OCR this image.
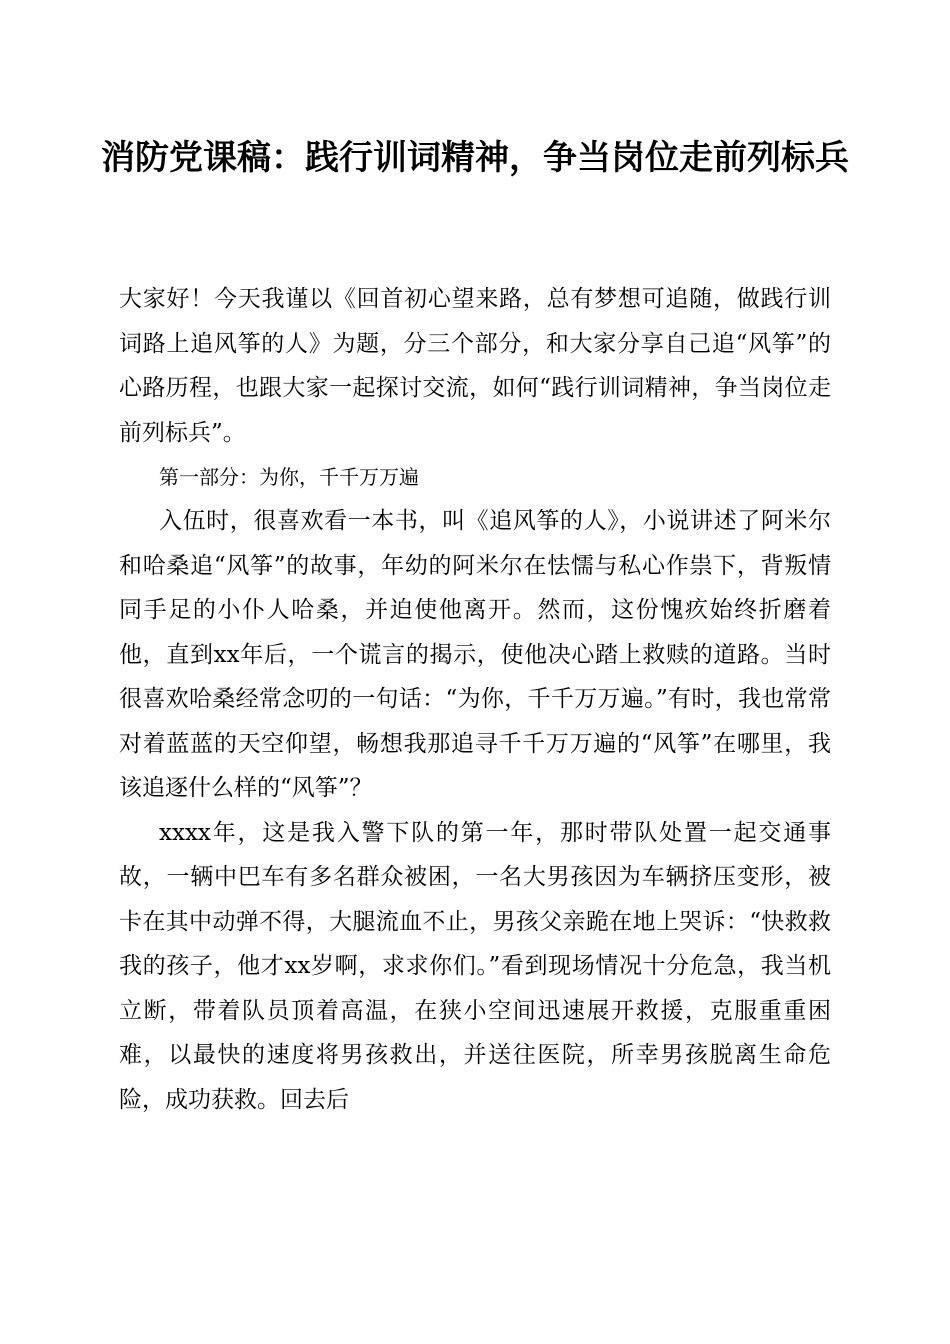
消防党课稿：践行训词精神，争当岗位走前列标兵

大家好！今天我谨以《回首初心望来路，总有梦想可追随，做践行训词路上追风筝的人》为题，分三个部分，和大家分享自己追“风筝”的心路历程，也跟大家一起探讨交流，如何“践行训词精神，争当岗位走前列标兵”。

第一部分：为你，千千万万遍

入伍时，很喜欢看一本书，叫《追风筝的人》，小说讲述了阿米尔和哈桑追“风筝”的故事，年幼的阿米尔在怯懦与私心作祟下，背叛情同手足的小仆人哈桑，并迫使他离开。然而，这份愧疚始终折磨着他，直到xx年后，一个谎言的揭示，使他决心踏上救赎的道路。当时很喜欢哈桑经常念叨的一句话：“为你，千千万万遍。”有时，我也常常对着蓝蓝的天空仰望，畅想我那追寻千千万万遍的“风筝”在哪里，我该追逐什么样的“风筝”？

xxxx年，这是我入警下队的第一年，那时带队处置一起交通事故，一辆中巴车有多名群众被困，一名大男孩因为车辆挤压变形，被卡在其中动弹不得，大腿流血不止，男孩父亲跪在地上哭诉：“快救救我的孩子，他才xx岁啊，求求你们。”看到现场情况十分危急，我当机立断，带着队员顶着高温，在狭小空间迅速展开救援，克服重重困难，以最快的速度将男孩救出，并送往医院，所幸男孩脱离生命危险，成功获救。回去后
